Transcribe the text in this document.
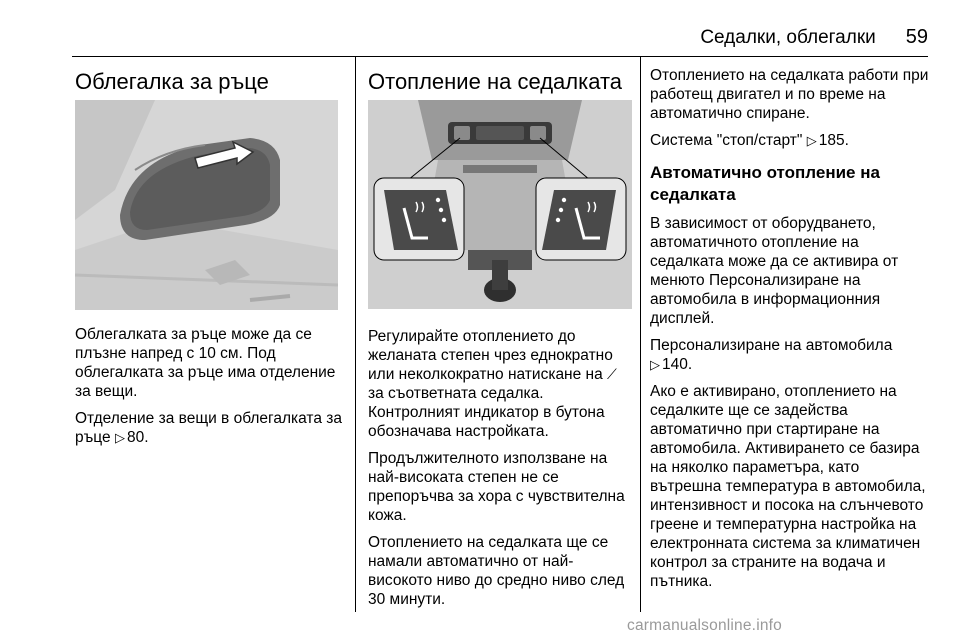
Седалки, облегалки 59
Облегалка за ръце

Облегалката за ръце може да се плъзне напред с 10 см. Под облегалката за ръце има отделение за вещи.

Отделение за вещи в облегалката за ръце ▷ 80.

Отопление на седалката

Регулирайте отоплението до желаната степен чрез еднократно или неколкократно натискане на ⟋ за съответната седалка. Контролният индикатор в бутона обозначава настройката.

Продължителното използване на най-високата степен не се препоръчва за хора с чувствителна кожа.

Отоплението на седалката ще се намали автоматично от най-високото ниво до средно ниво след 30 минути.

Отоплението на седалката работи при работещ двигател и по време на автоматично спиране.

Система "стоп/старт" ▷ 185.

Автоматично отопление на седалката

В зависимост от оборудването, автоматичното отопление на седалката може да се активира от менюто Персонализиране на автомобила в информационния дисплей.

Персонализиране на автомобила ▷ 140.

Ако е активирано, отоплението на седалките ще се задейства автоматично при стартиране на автомобила. Активирането се базира на няколко параметъра, като вътрешна температура в автомобила, интензивност и посока на слънчевото греене и температурна настройка на електронната система за климатичен контрол за страните на водача и пътника.

carmanualsonline.info
